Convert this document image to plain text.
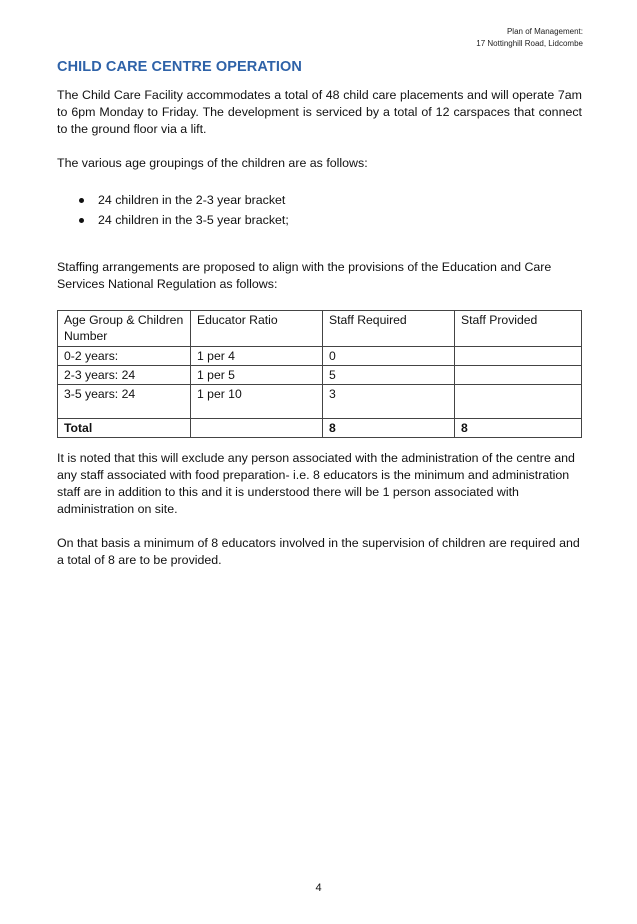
Plan of Management:
17 Nottinghill Road, Lidcombe
CHILD CARE CENTRE OPERATION

The Child Care Facility accommodates a total of 48 child care placements and will operate 7am to 6pm Monday to Friday. The development is serviced by a total of 12 carspaces that connect to the ground floor via a lift.

The various age groupings of the children are as follows:

24 children in the 2-3 year bracket
24 children in the 3-5 year bracket;

Staffing arrangements are proposed to align with the provisions of the Education and Care Services National Regulation as follows:

Age Group & Children Number	Educator Ratio	Staff Required	Staff Provided
0-2 years:	1 per 4	0	
2-3 years: 24	1 per 5	5	
3-5 years: 24	1 per 10	3	
Total		8	8

It is noted that this will exclude any person associated with the administration of the centre and any staff associated with food preparation- i.e. 8 educators is the minimum and administration staff are in addition to this and it is understood there will be 1 person associated with administration on site.

On that basis a minimum of 8 educators involved in the supervision of children are required and a total of 8 are to be provided.

4
